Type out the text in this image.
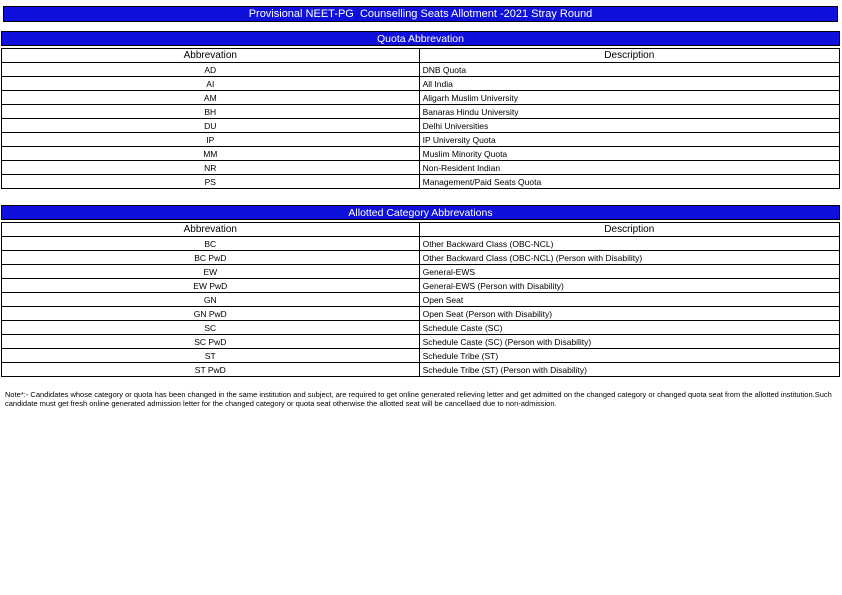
Provisional NEET-PG  Counselling Seats Allotment -2021 Stray Round
Quota Abbrevation
Abbrevation	Description
AD	DNB Quota
AI	All India
AM	Aligarh Muslim University
BH	Banaras Hindu University
DU	Delhi Universities
IP	IP University Quota
MM	Muslim Minority Quota
NR	Non-Resident Indian
PS	Management/Paid Seats Quota
Allotted Category Abbrevations
Abbrevation	Description
BC	Other Backward Class (OBC-NCL)
BC PwD	Other Backward Class (OBC-NCL) (Person with Disability)
EW	General-EWS
EW PwD	General-EWS (Person with Disability)
GN	Open Seat
GN PwD	Open Seat (Person with Disability)
SC	Schedule Caste (SC)
SC PwD	Schedule Caste (SC) (Person with Disability)
ST	Schedule Tribe (ST)
ST PwD	Schedule Tribe (ST) (Person with Disability)
Note*:- Candidates whose category or quota has been changed in the same institution and subject, are required to get online generated relieving letter and get admitted on the changed category or changed quota seat from the allotted institution.Such candidate must get fresh online generated admission letter for the changed category or quota seat otherwise the allotted seat will be cancellaed due to non-admission.
